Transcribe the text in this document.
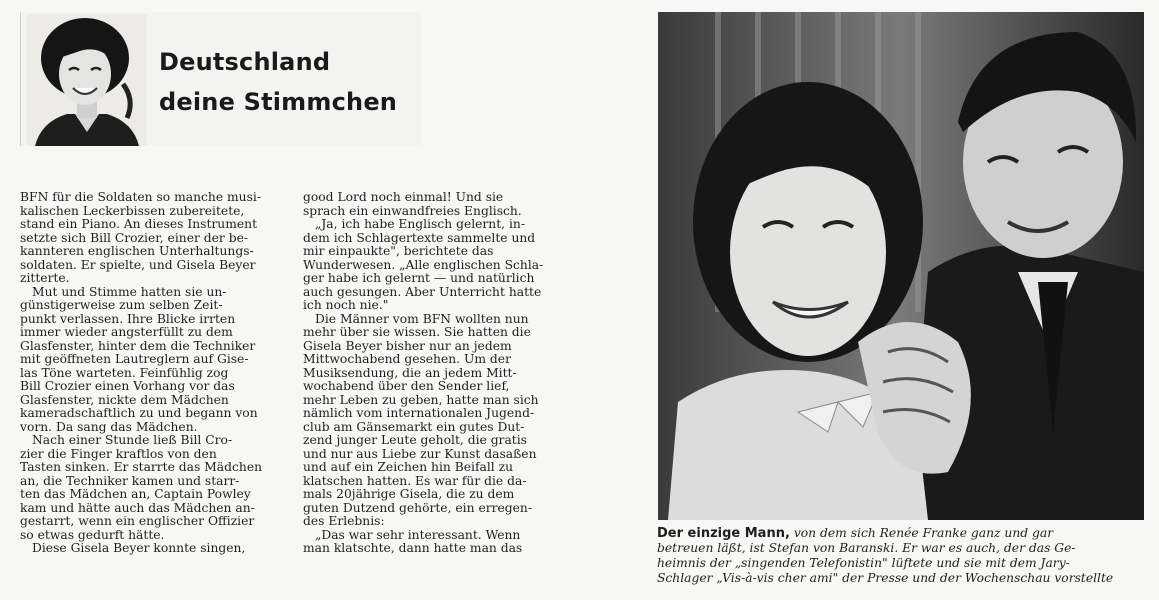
Deutschland
deine Stimmchen
BFN für die Soldaten so manche musi-
kalischen Leckerbissen zubereitete,
stand ein Piano. An dieses Instrument
setzte sich Bill Crozier, einer der be-
kannteren englischen Unterhaltungs-
soldaten. Er spielte, und Gisela Beyer
zitterte.
Mut und Stimme hatten sie un-
günstigerweise zum selben Zeit-
punkt verlassen. Ihre Blicke irrten
immer wieder angsterfüllt zu dem
Glasfenster, hinter dem die Techniker
mit geöffneten Lautreglern auf Gise-
las Töne warteten. Feinfühlig zog
Bill Crozier einen Vorhang vor das
Glasfenster, nickte dem Mädchen
kameradschaftlich zu und begann von
vorn. Da sang das Mädchen.
Nach einer Stunde ließ Bill Cro-
zier die Finger kraftlos von den
Tasten sinken. Er starrte das Mädchen
an, die Techniker kamen und starr-
ten das Mädchen an, Captain Powley
kam und hätte auch das Mädchen an-
gestarrt, wenn ein englischer Offizier
so etwas gedurft hätte.
Diese Gisela Beyer konnte singen,
good Lord noch einmal! Und sie
sprach ein einwandfreies Englisch.
„Ja, ich habe Englisch gelernt, in-
dem ich Schlagertexte sammelte und
mir einpaukte", berichtete das
Wunderwesen. „Alle englischen Schla-
ger habe ich gelernt — und natürlich
auch gesungen. Aber Unterricht hatte
ich noch nie."
Die Männer vom BFN wollten nun
mehr über sie wissen. Sie hatten die
Gisela Beyer bisher nur an jedem
Mittwochabend gesehen. Um der
Musiksendung, die an jedem Mitt-
wochabend über den Sender lief,
mehr Leben zu geben, hatte man sich
nämlich vom internationalen Jugend-
club am Gänsemarkt ein gutes Dut-
zend junger Leute geholt, die gratis
und nur aus Liebe zur Kunst dasaßen
und auf ein Zeichen hin Beifall zu
klatschen hatten. Es war für die da-
mals 20jährige Gisela, die zu dem
guten Dutzend gehörte, ein erregen-
des Erlebnis:
„Das war sehr interessant. Wenn
man klatschte, dann hatte man das
Der einzige Mann, von dem sich Renée Franke ganz und gar
betreuen läßt, ist Stefan von Baranski. Er war es auch, der das Ge-
heimnis der „singenden Telefonistin" lüftete und sie mit dem Jary-
Schlager „Vis-à-vis cher ami" der Presse und der Wochenschau vorstellte
